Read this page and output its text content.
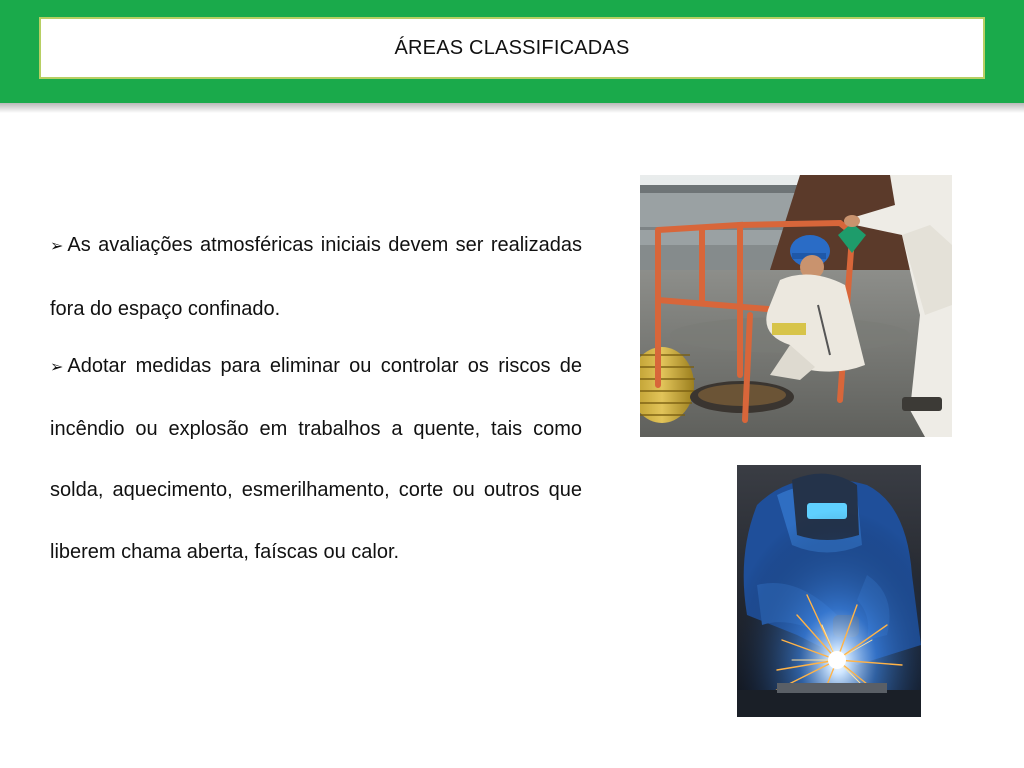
ÁREAS CLASSIFICADAS

➢ As avaliações atmosféricas iniciais devem ser realizadas fora do espaço confinado.

➢ Adotar medidas para eliminar ou controlar os riscos de incêndio ou explosão em trabalhos a quente, tais como solda, aquecimento, esmerilhamento, corte ou outros que liberem chama aberta, faíscas ou calor.
